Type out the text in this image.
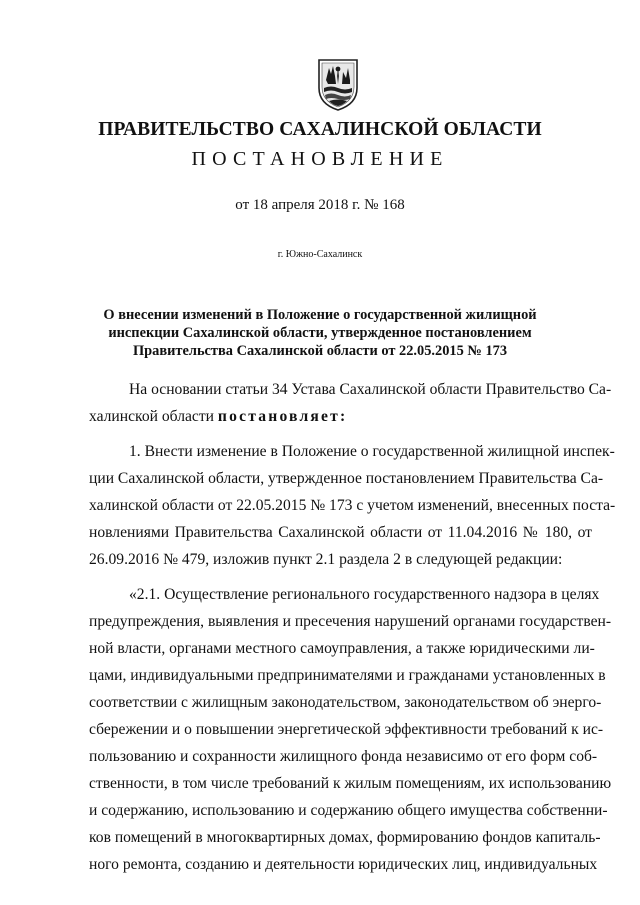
ПРАВИТЕЛЬСТВО САХАЛИНСКОЙ ОБЛАСТИ
ПОСТАНОВЛЕНИЕ
от 18 апреля 2018 г. № 168
г. Южно-Сахалинск
О внесении изменений в Положение о государственной жилищной
инспекции Сахалинской области, утвержденное постановлением
Правительства Сахалинской области от 22.05.2015 № 173
На основании статьи 34 Устава Сахалинской области Правительство Са-
халинской области постановляет:
1. Внести изменение в Положение о государственной жилищной инспек-
ции Сахалинской области, утвержденное постановлением Правительства Са-
халинской области от 22.05.2015 № 173 с учетом изменений, внесенных поста-
новлениями Правительства Сахалинской области от 11.04.2016 № 180, от
26.09.2016 № 479, изложив пункт 2.1 раздела 2 в следующей редакции:
«2.1. Осуществление регионального государственного надзора в целях
предупреждения, выявления и пресечения нарушений органами государствен-
ной власти, органами местного самоуправления, а также юридическими ли-
цами, индивидуальными предпринимателями и гражданами установленных в
соответствии с жилищным законодательством, законодательством об энерго-
сбережении и о повышении энергетической эффективности требований к ис-
пользованию и сохранности жилищного фонда независимо от его форм соб-
ственности, в том числе требований к жилым помещениям, их использованию
и содержанию, использованию и содержанию общего имущества собственни-
ков помещений в многоквартирных домах, формированию фондов капиталь-
ного ремонта, созданию и деятельности юридических лиц, индивидуальных
